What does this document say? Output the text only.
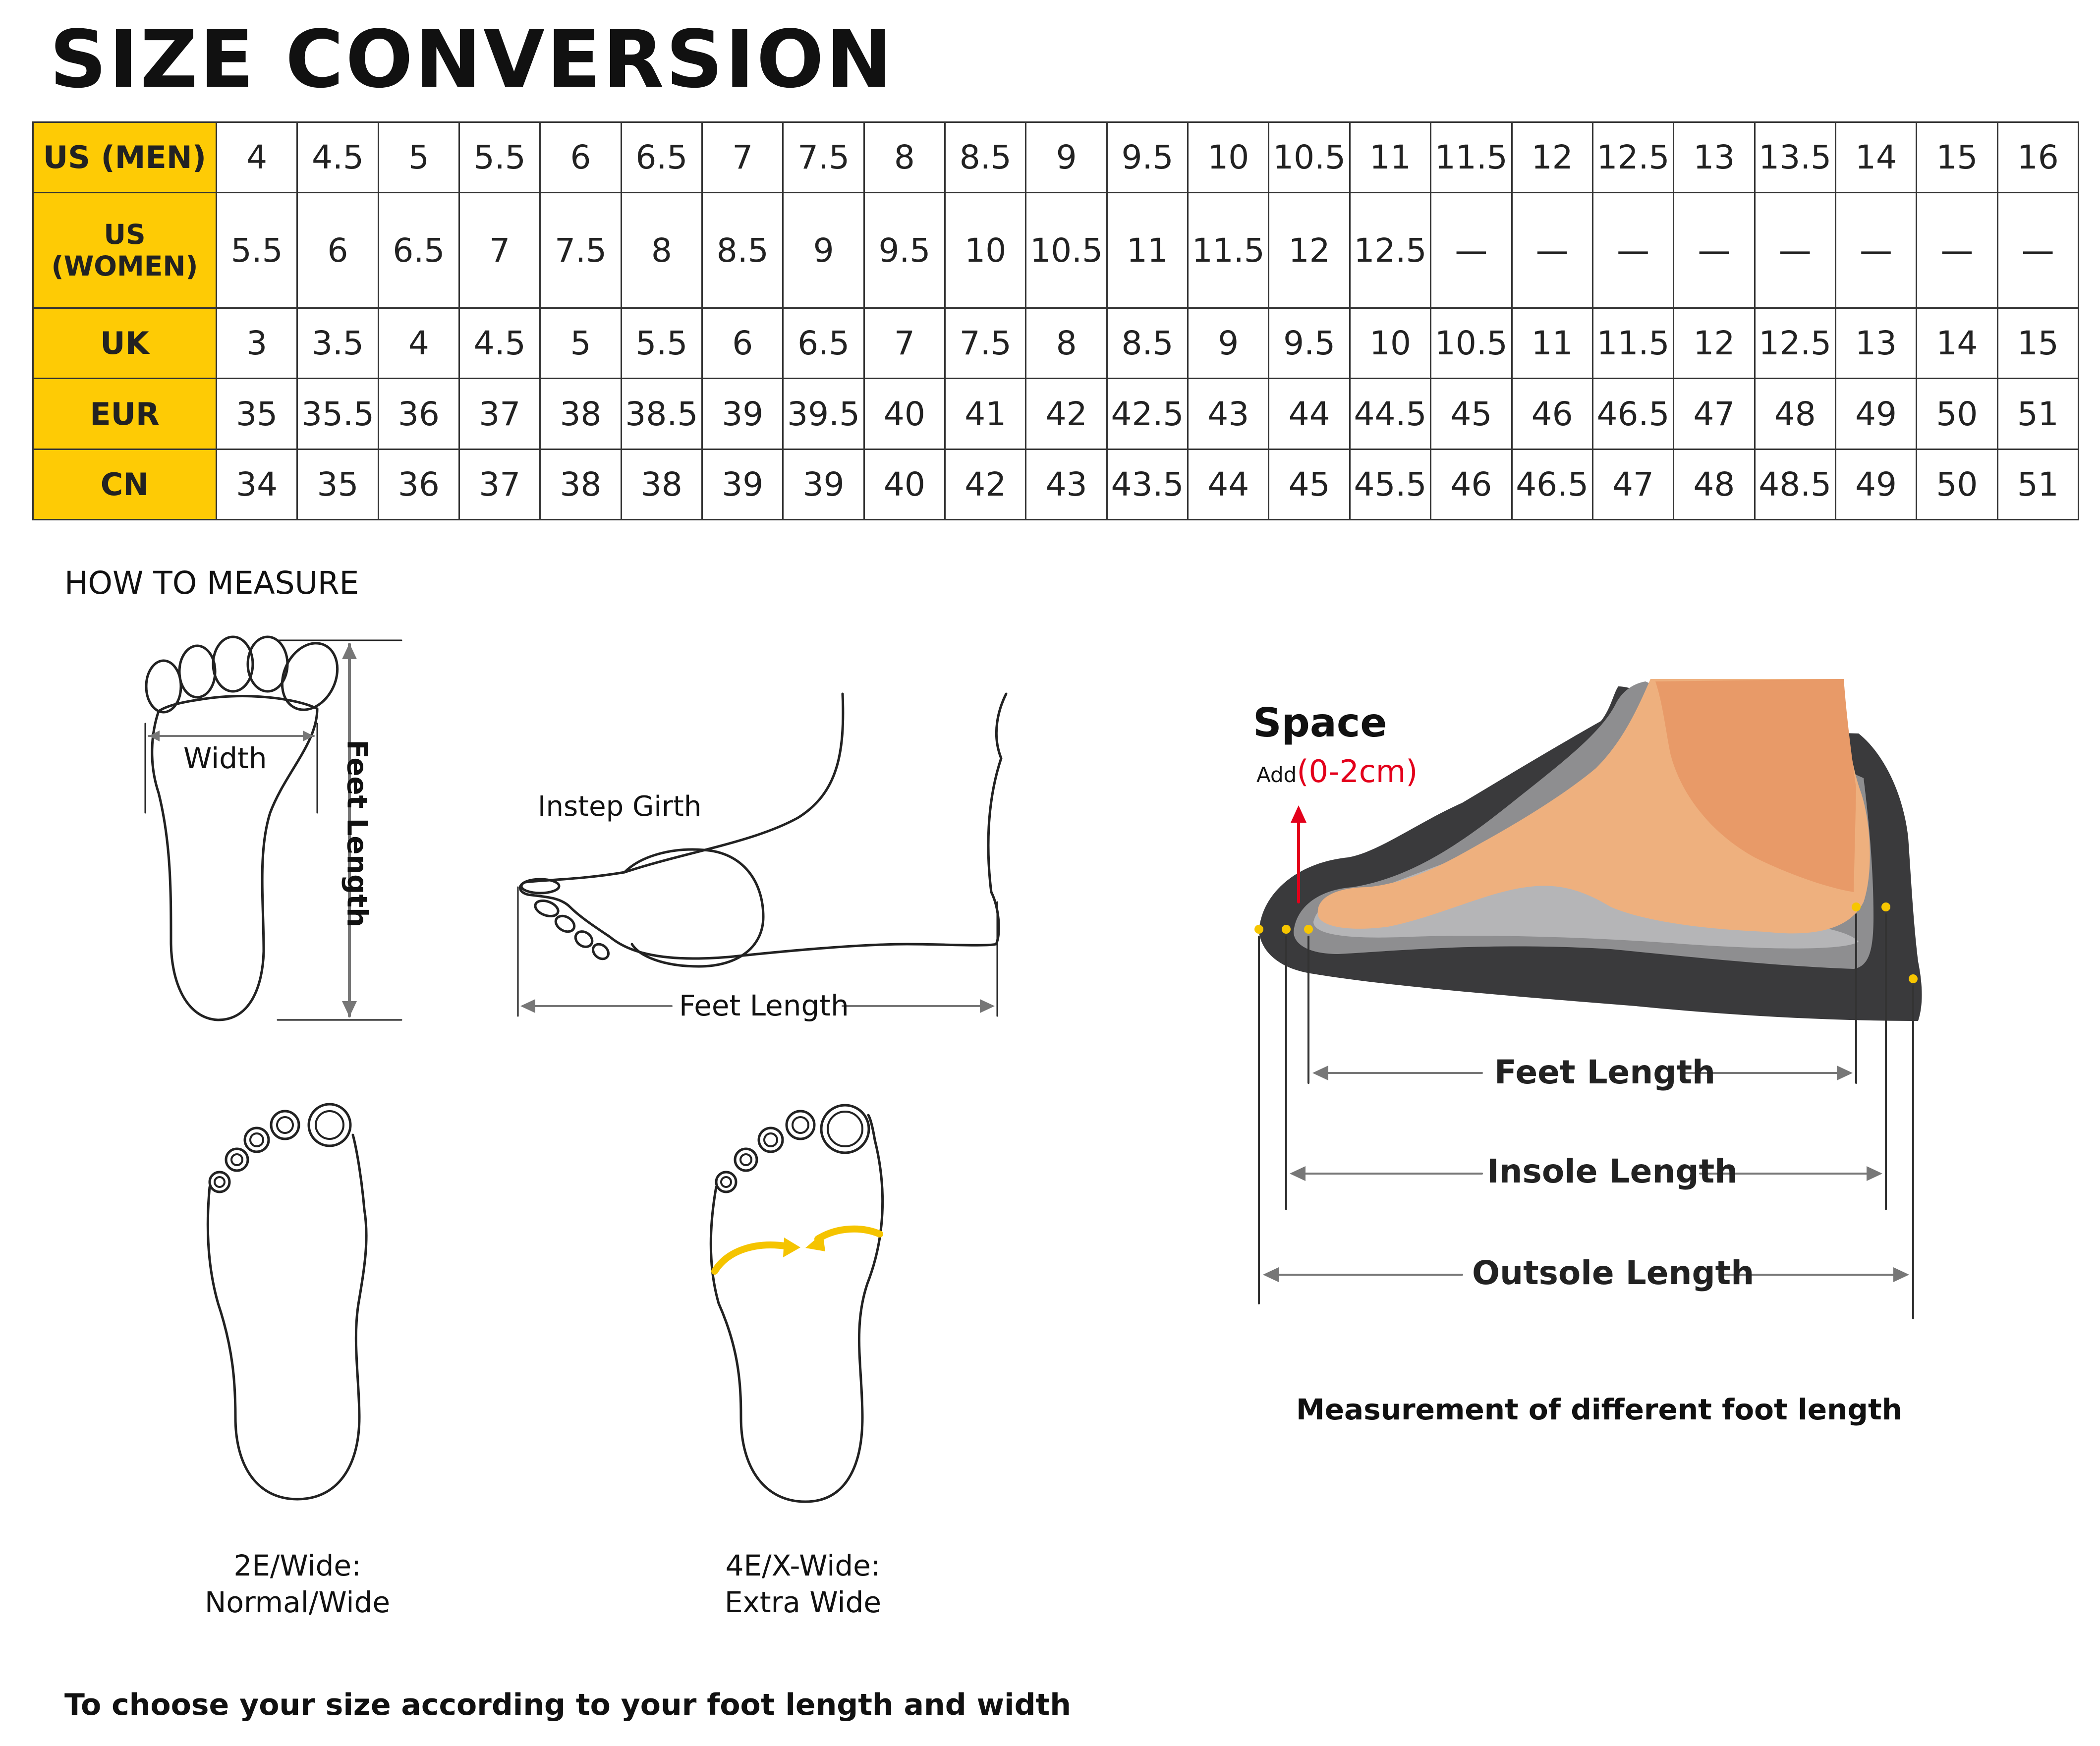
SIZE CONVERSION
US (MEN)	4	4.5	5	5.5	6	6.5	7	7.5	8	8.5	9	9.5	10	10.5	11	11.5	12	12.5	13	13.5	14	15	16
US (WOMEN)	5.5	6	6.5	7	7.5	8	8.5	9	9.5	10	10.5	11	11.5	12	12.5	—	—	—	—	—	—	—	—
UK	3	3.5	4	4.5	5	5.5	6	6.5	7	7.5	8	8.5	9	9.5	10	10.5	11	11.5	12	12.5	13	14	15
EUR	35	35.5	36	37	38	38.5	39	39.5	40	41	42	42.5	43	44	44.5	45	46	46.5	47	48	49	50	51
CN	34	35	36	37	38	38	39	39	40	42	43	43.5	44	45	45.5	46	46.5	47	48	48.5	49	50	51
HOW TO MEASURE
Width	Feet Length	Instep Girth
Feet Length
2E/Wide:
Normal/Wide
4E/X-Wide:
Extra Wide
Space
Add(0-2cm)
Feet Length
Insole Length
Outsole Length
Measurement of different foot length
To choose your size according to your foot length and width
